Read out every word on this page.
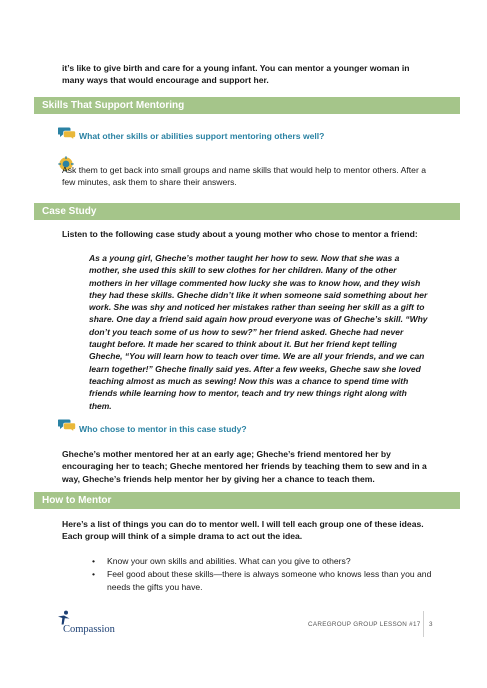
it’s like to give birth and care for a young infant. You can mentor a younger woman in many ways that would encourage and support her.

Skills That Support Mentoring
What other skills or abilities support mentoring others well?

Ask them to get back into small groups and name skills that would help to mentor others. After a few minutes, ask them to share their answers.

Case Study

Listen to the following case study about a young mother who chose to mentor a friend:

As a young girl, Gheche’s mother taught her how to sew. Now that she was a mother, she used this skill to sew clothes for her children. Many of the other mothers in her village commented how lucky she was to know how, and they wish they had these skills. Gheche didn’t like it when someone said something about her work. She was shy and noticed her mistakes rather than seeing her skill as a gift to share. One day a friend said again how proud everyone was of Gheche’s skill. “Why don’t you teach some of us how to sew?” her friend asked. Gheche had never taught before. It made her scared to think about it. But her friend kept telling Gheche, “You will learn how to teach over time. We are all your friends, and we can learn together!” Gheche finally said yes. After a few weeks, Gheche saw she loved teaching almost as much as sewing! Now this was a chance to spend time with friends while learning how to mentor, teach and try new things right along with them.

Who chose to mentor in this case study?

Gheche’s mother mentored her at an early age; Gheche’s friend mentored her by encouraging her to teach; Gheche mentored her friends by teaching them to sew and in a way, Gheche’s friends help mentor her by giving her a chance to teach them.

How to Mentor

Here’s a list of things you can do to mentor well. I will tell each group one of these ideas. Each group will think of a simple drama to act out the idea.

• Know your own skills and abilities. What can you give to others?
• Feel good about these skills—there is always someone who knows less than you and needs the gifts you have.
Compassion	CAREGROUP GROUP LESSON #17 3
